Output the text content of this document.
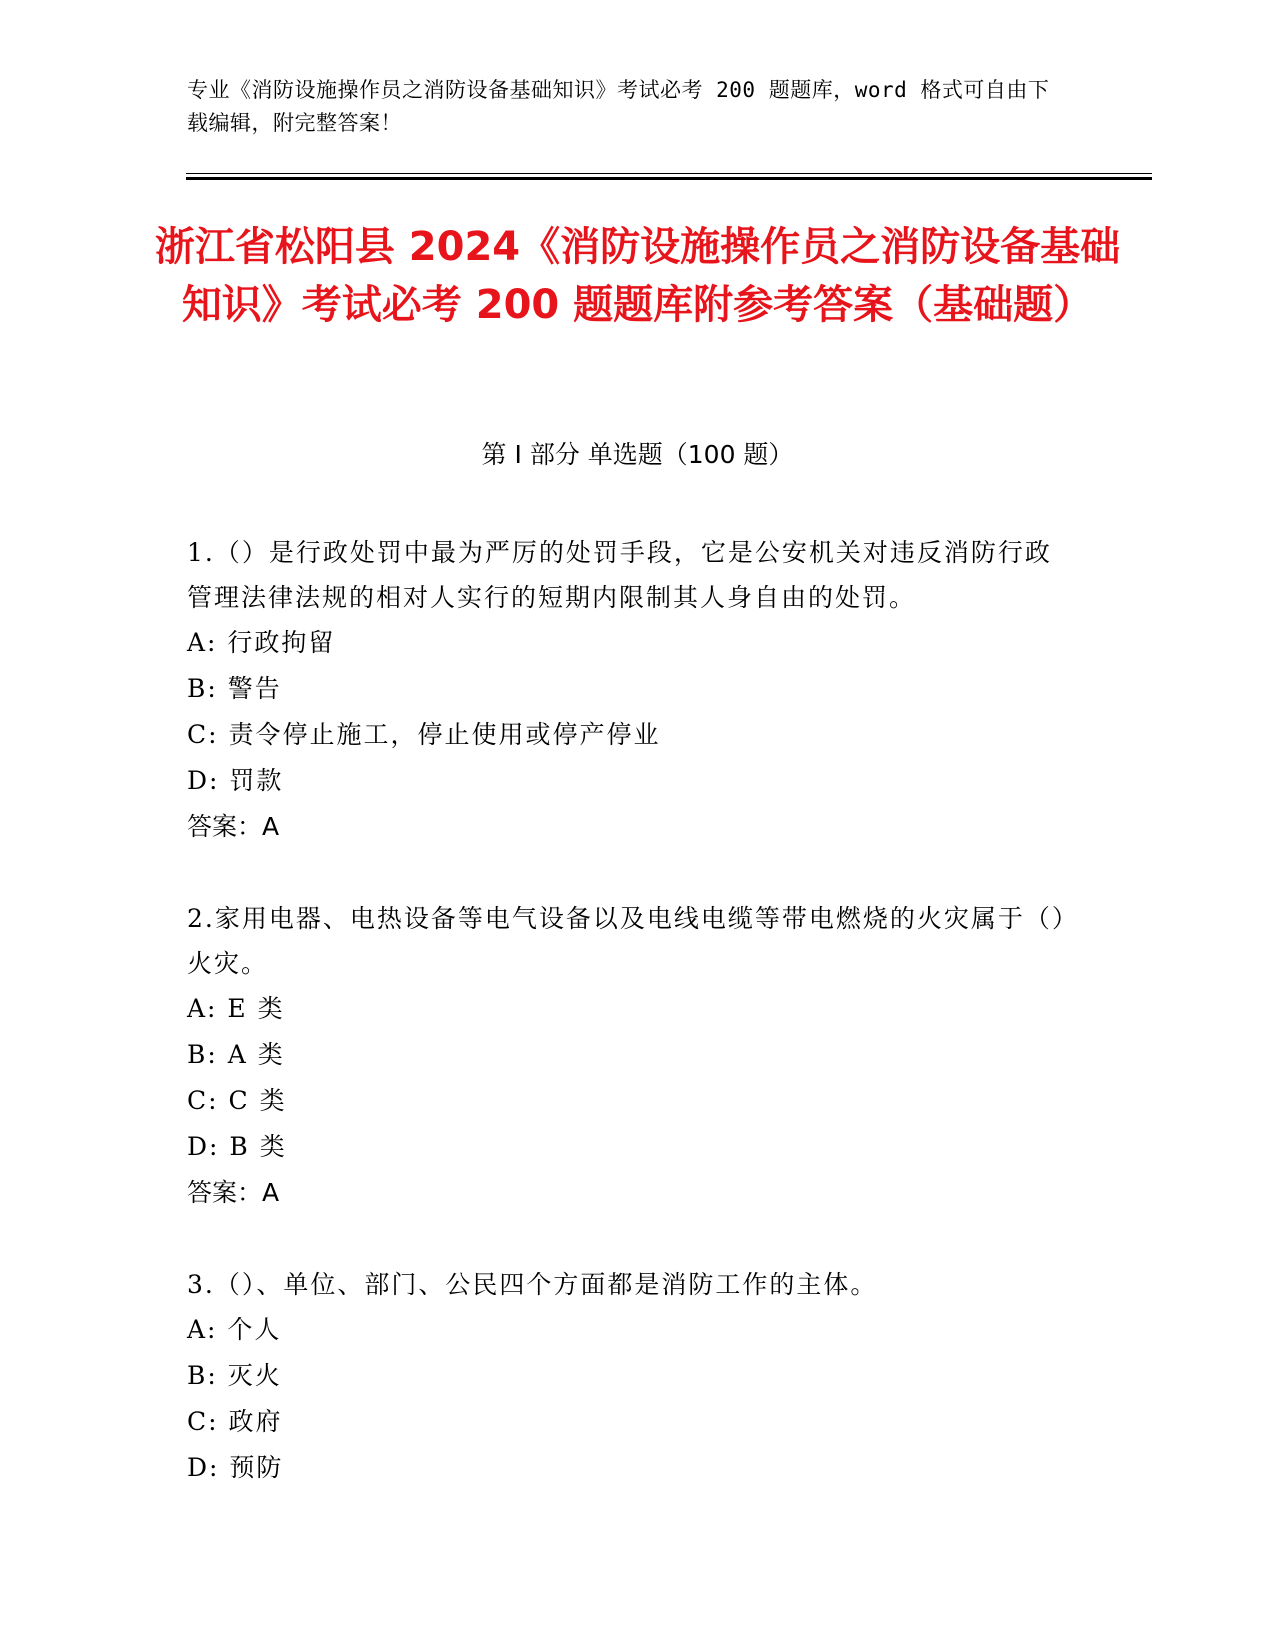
专业《消防设施操作员之消防设备基础知识》考试必考 200 题题库，word 格式可自由下载编辑，附完整答案！
浙江省松阳县 2024《消防设施操作员之消防设备基础知识》考试必考 200 题题库附参考答案（基础题）
第 I 部分 单选题（100 题）
1.（）是行政处罚中最为严厉的处罚手段，它是公安机关对违反消防行政管理法律法规的相对人实行的短期内限制其人身自由的处罚。
A: 行政拘留
B: 警告
C: 责令停止施工，停止使用或停产停业
D: 罚款
答案：A
2.家用电器、电热设备等电气设备以及电线电缆等带电燃烧的火灾属于（）火灾。
A: E 类
B: A 类
C: C 类
D: B 类
答案：A
3.（）、单位、部门、公民四个方面都是消防工作的主体。
A: 个人
B: 灭火
C: 政府
D: 预防
